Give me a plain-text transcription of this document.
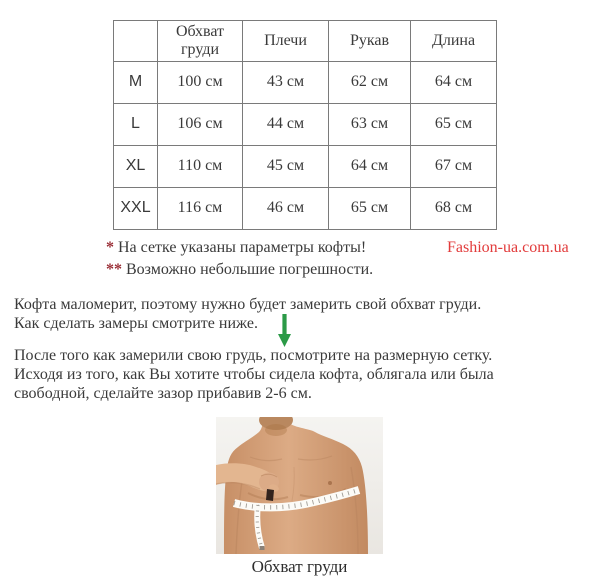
	Обхват груди	Плечи	Рукав	Длина
M	100 см	43 см	62 см	64 см
L	106 см	44 см	63 см	65 см
XL	110 см	45 см	64 см	67 см
XXL	116 см	46 см	65 см	68 см
* На сетке указаны параметры кофты!	Fashion-ua.com.ua
** Возможно небольшие погрешности.
Кофта маломерит, поэтому нужно будет замерить свой обхват груди.
Как сделать замеры смотрите ниже.
После того как замерили свою грудь, посмотрите на размерную сетку.
Исходя из того, как Вы хотите чтобы сидела кофта, облягала или была
свободной, сделайте зазор прибавив 2-6 см.
Обхват груди
